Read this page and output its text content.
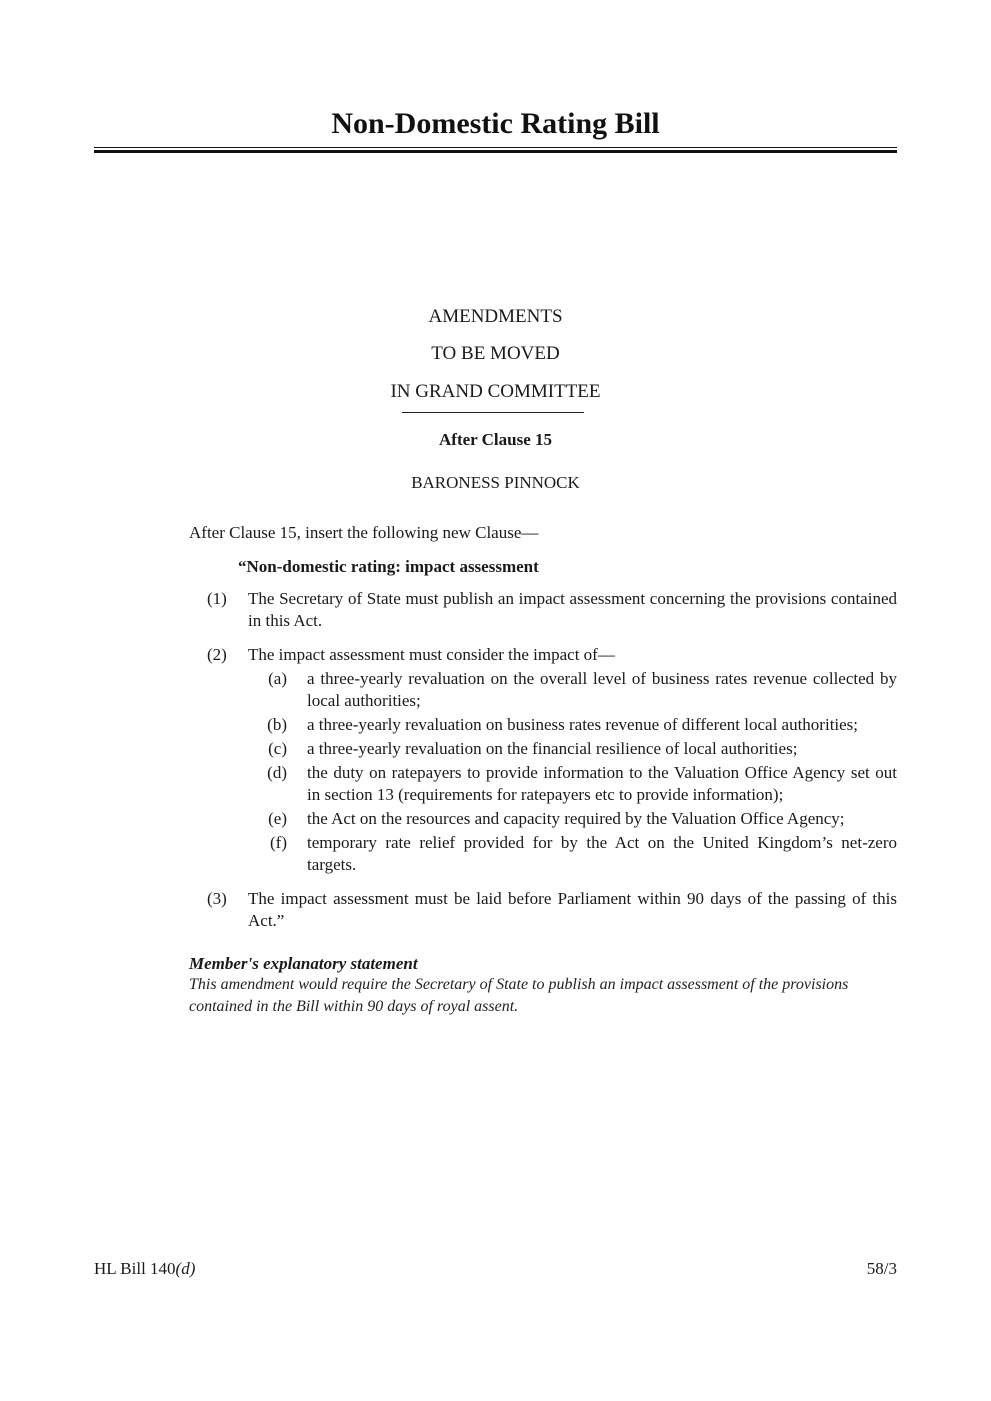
Non-Domestic Rating Bill
AMENDMENTS
TO BE MOVED
IN GRAND COMMITTEE
After Clause 15
BARONESS PINNOCK

After Clause 15, insert the following new Clause—

“Non-domestic rating: impact assessment

(1)	The Secretary of State must publish an impact assessment concerning the provisions contained in this Act.
(2)	The impact assessment must consider the impact of—
(a)	a three-yearly revaluation on the overall level of business rates revenue collected by local authorities;
(b)	a three-yearly revaluation on business rates revenue of different local authorities;
(c)	a three-yearly revaluation on the financial resilience of local authorities;
(d)	the duty on ratepayers to provide information to the Valuation Office Agency set out in section 13 (requirements for ratepayers etc to provide information);
(e)	the Act on the resources and capacity required by the Valuation Office Agency;
(f)	temporary rate relief provided for by the Act on the United Kingdom’s net-zero targets.
(3)	The impact assessment must be laid before Parliament within 90 days of the passing of this Act.”
Member's explanatory statement
This amendment would require the Secretary of State to publish an impact assessment of the provisions contained in the Bill within 90 days of royal assent.
HL Bill 140(d)	58/3
